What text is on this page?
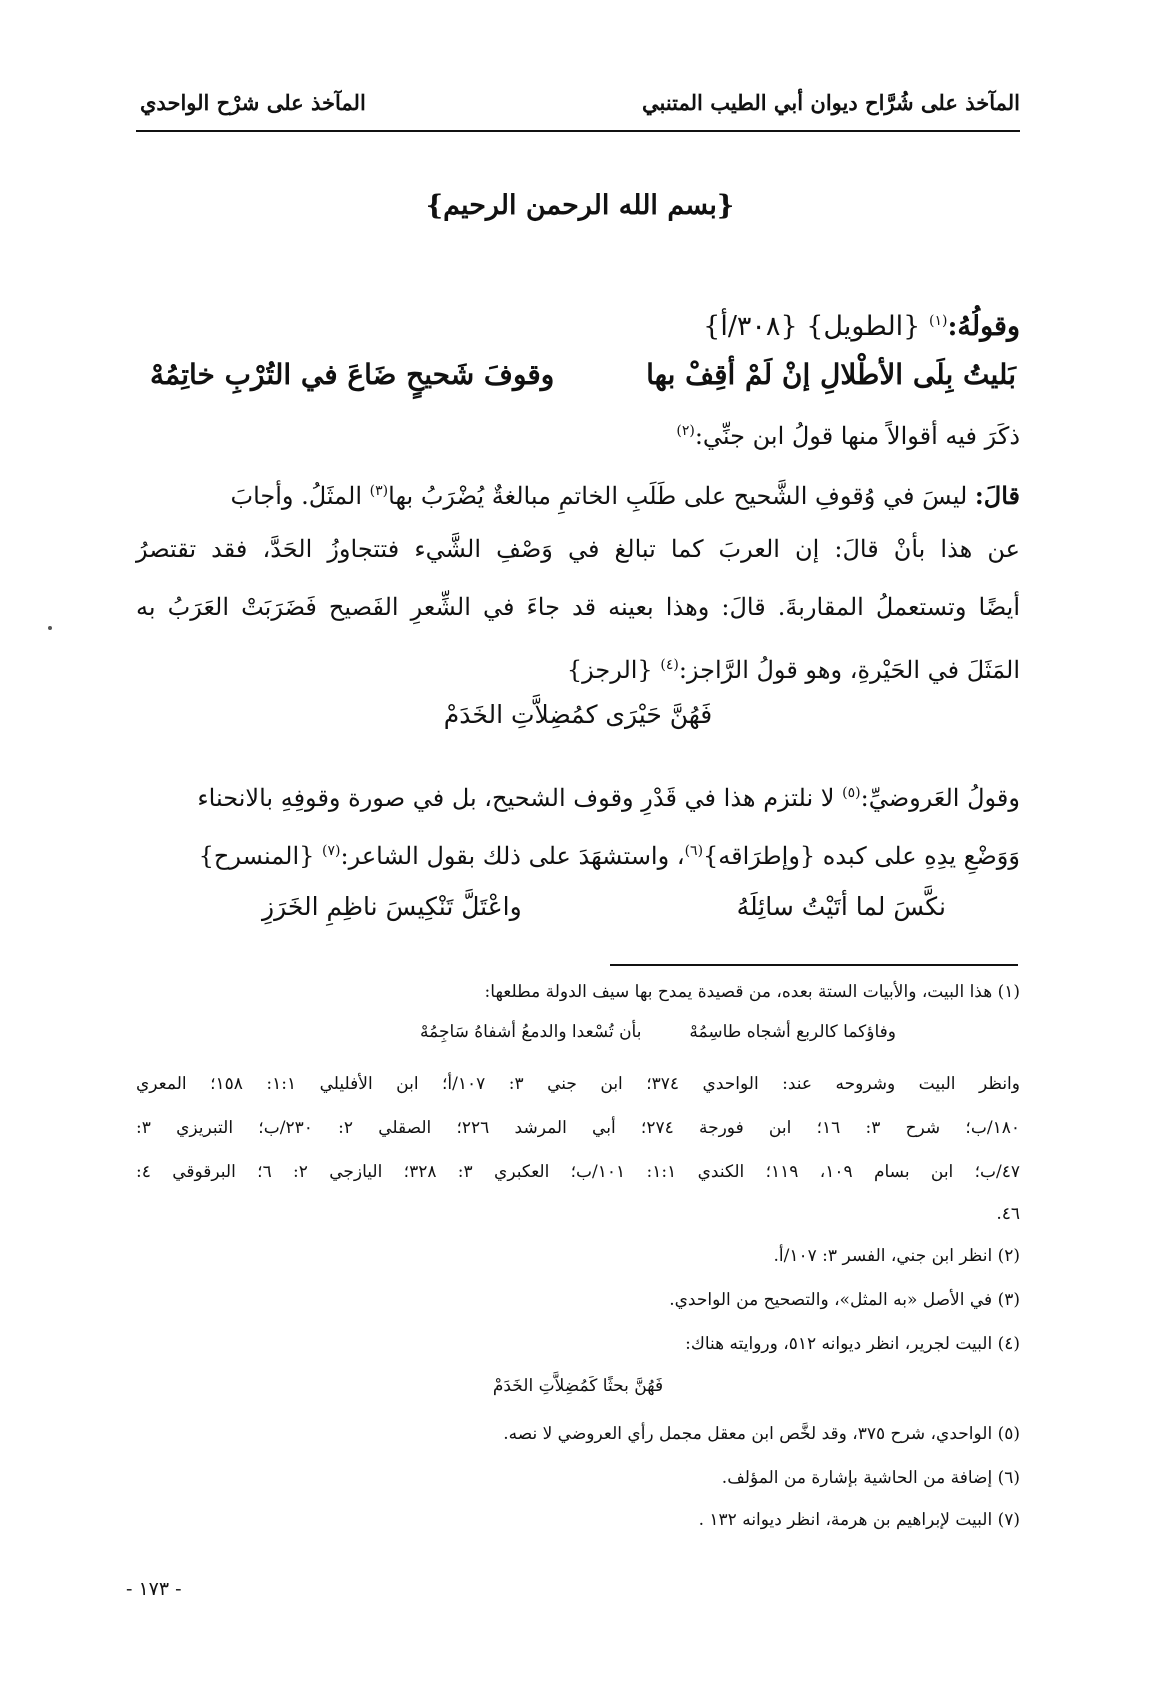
المآخذ على شُرَّاح ديوان أبي الطيب المتنبي
المآخذ على شرْح الواحدي
{بسم الله الرحمن الرحيم}
وقولُهُ:$^{(١)}$ {الطويل} {٣٠٨/أ}
بَليتُ بِلَى الأطْلالِ إنْ لَمْ أقِفْ بها
وقوفَ شَحيحٍ ضَاعَ في التُرْبِ خاتِمُهْ
ذكَرَ فيه أقوالاً منها قولُ ابن جنِّي:$^{(٢)}$
قالَ: ليسَ في وُقوفِ الشَّحيح على طَلَبِ الخاتمِ مبالغةٌ يُضْرَبُ بها$^{(٣)}$ المثَلُ. وأجابَ
عن هذا بأنْ قالَ: إن العربَ كما تبالغ في وَصْفِ الشَّيء فتتجاوزُ الحَدَّ، فقد تقتصرُ
أيضًا وتستعملُ المقاربةَ. قالَ: وهذا بعينه قد جاءَ في الشِّعرِ الفَصيح فَضَرَبَتْ العَرَبُ به
المَثَلَ في الحَيْرةِ، وهو قولُ الرَّاجز:$^{(٤)}$ {الرجز}
فَهُنَّ حَيْرَى كمُضِلاَّتِ الخَدَمْ
وقولُ العَروضيِّ:$^{(٥)}$ لا نلتزم هذا في قَدْرِ وقوف الشحيح، بل في صورة وقوفِهِ بالانحناء
وَوَضْعِ يدِهِ على كبده {وإطرَاقه}$^{(٦)}$، واستشهَدَ على ذلك بقول الشاعر:$^{(٧)}$ {المنسرح}
نكَّسَ لما أتَيْتُ سائِلَهُ
واعْتَلَّ تَنْكِيسَ ناظِمِ الخَرَزِ
(١) هذا البيت، والأبيات الستة بعده، من قصيدة يمدح بها سيف الدولة مطلعها:
وفاؤكما كالربع أشجاه طاسِمُهْ
بأن تُسْعدا والدمعُ أشفاهُ سَاجِمُهْ
وانظر البيت وشروحه عند: الواحدي ٣٧٤؛ ابن جني ٣: ١٠٧/أ؛ ابن الأفليلي ١:١: ١٥٨؛ المعري
١٨٠/ب؛ شرح ٣: ١٦؛ ابن فورجة ٢٧٤؛ أبي المرشد ٢٢٦؛ الصقلي ٢: ٢٣٠/ب؛ التبريزي ٣:
٤٧/ب؛ ابن بسام ١٠٩، ١١٩؛ الكندي ١:١: ١٠١/ب؛ العكبري ٣: ٣٢٨؛ اليازجي ٢: ٦؛ البرقوقي ٤:
٤٦.
(٢) انظر ابن جني، الفسر ٣: ١٠٧/أ.
(٣) في الأصل «به المثل»، والتصحيح من الواحدي.
(٤) البيت لجرير، انظر ديوانه ٥١٢، وروايته هناك:
فَهُنَّ بحثًا كَمُضِلاَّتِ الخَدَمْ
(٥) الواحدي، شرح ٣٧٥، وقد لخَّص ابن معقل مجمل رأي العروضي لا نصه.
(٦) إضافة من الحاشية بإشارة من المؤلف.
(٧) البيت لإبراهيم بن هرمة، انظر ديوانه ١٣٢ .
- ١٧٣ -
